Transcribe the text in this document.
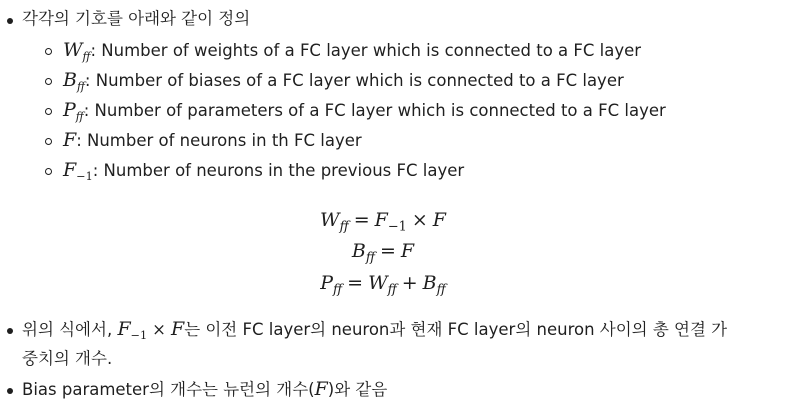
각각의 기호를 아래와 같이 정의
$W_{ff}$: Number of weights of a FC layer which is connected to a FC layer
$B_{ff}$: Number of biases of a FC layer which is connected to a FC layer
$P_{ff}$: Number of parameters of a FC layer which is connected to a FC layer
F: Number of neurons in th FC layer
$F_{-1}$: Number of neurons in the previous FC layer
$W_{ff} = F_{-1} \times F$
$B_{ff} = F$
$P_{ff} = W_{ff} + B_{ff}$
위의 식에서, $F_{-1} \times F$는 이전 FC layer의 neuron과 현재 FC layer의 neuron 사이의 총 연결 가
중치의 개수.
Bias parameter의 개수는 뉴런의 개수(F)와 같음
